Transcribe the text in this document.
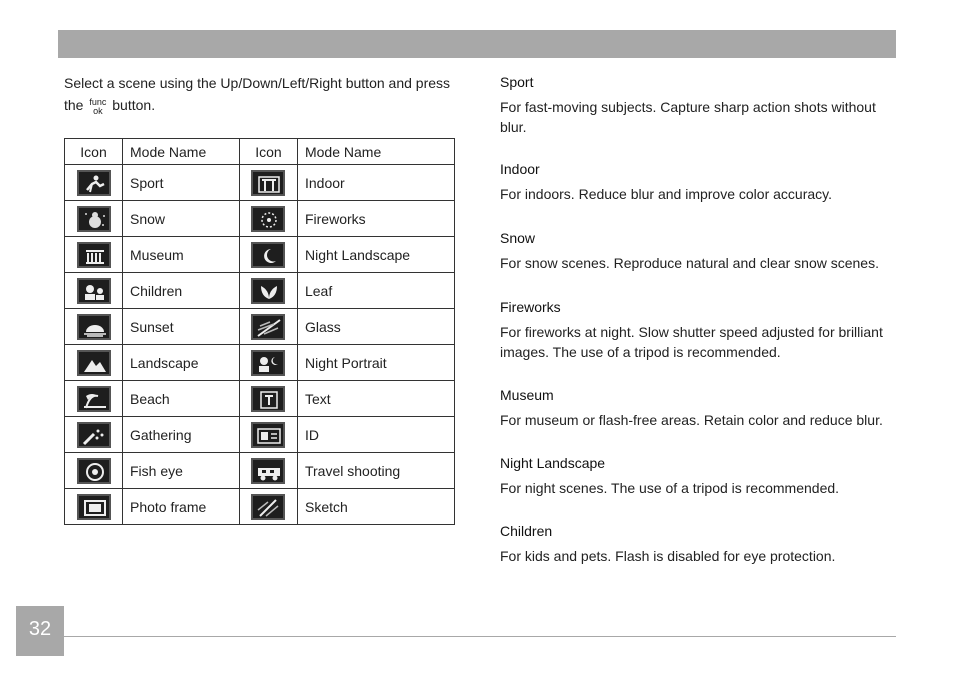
Select a scene using the Up/Down/Left/Right button and press the func
ok button.
Icon	Mode Name	Icon	Mode Name

	Sport		Indoor

	Snow		Fireworks

	Museum		Night Landscape

	Children		Leaf

	Sunset		Glass

	Landscape		Night Portrait

	Beach		Text

	Gathering		ID

	Fish eye		Travel shooting

	Photo frame		Sketch
Sport

For fast-moving subjects. Capture sharp action shots without blur.

Indoor

For indoors. Reduce blur and improve color accuracy.

Snow

For snow scenes. Reproduce natural and clear snow scenes.

Fireworks

For fireworks at night. Slow shutter speed adjusted for brilliant images. The use of a tripod is recommended.

Museum

For museum or flash-free areas. Retain color and reduce blur.

Night Landscape

For night scenes. The use of a tripod is recommended.

Children

For kids and pets. Flash is disabled for eye protection.

32
